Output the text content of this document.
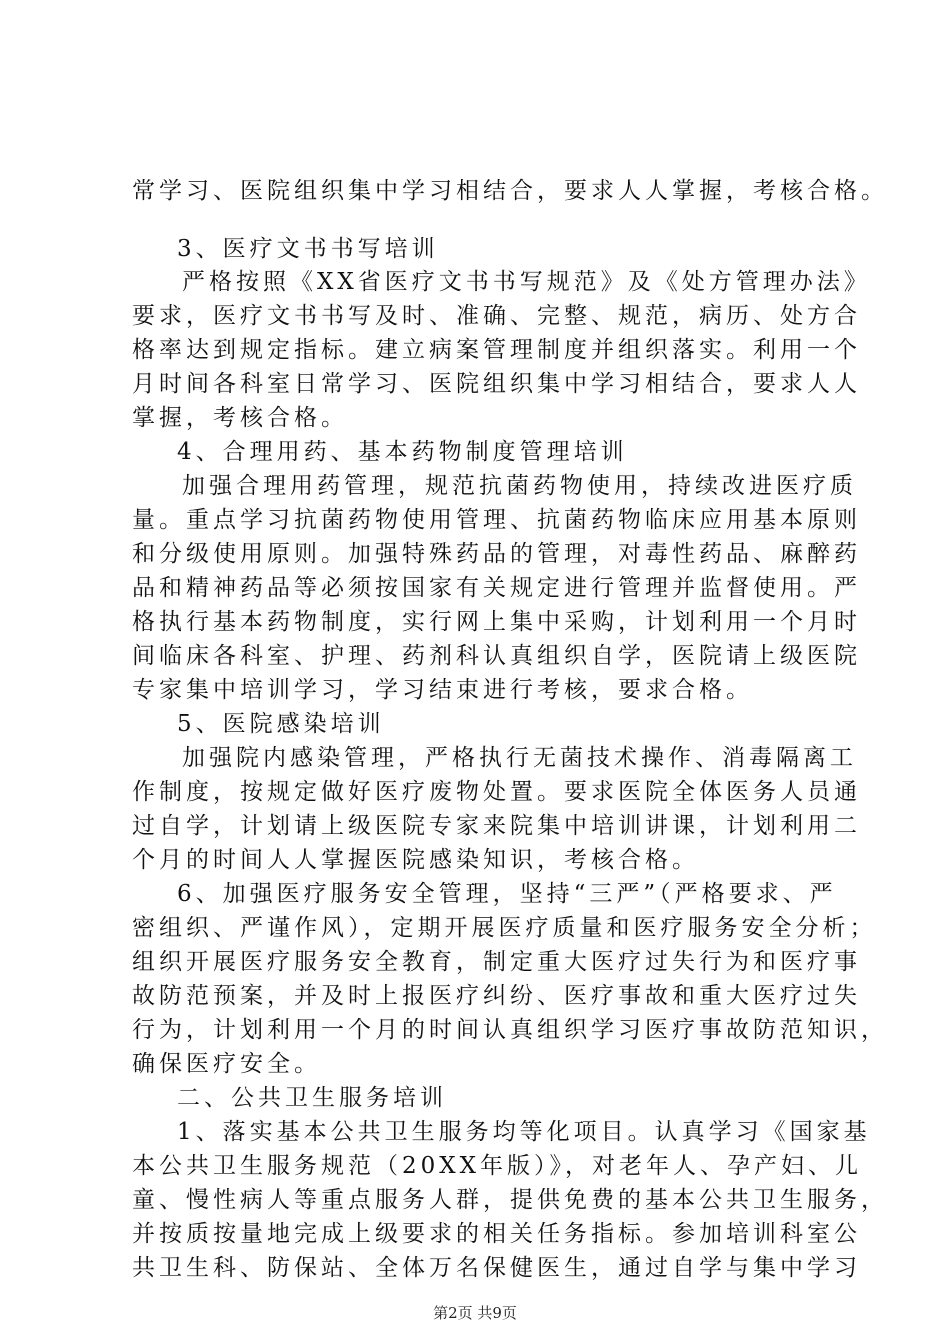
常学习、医院组织集中学习相结合，要求人人掌握，考核合格。
3、医疗文书书写培训
严格按照《XX省医疗文书书写规范》及《处方管理办法》
要求，医疗文书书写及时、准确、完整、规范，病历、处方合
格率达到规定指标。建立病案管理制度并组织落实。利用一个
月时间各科室日常学习、医院组织集中学习相结合，要求人人
掌握，考核合格。
4、合理用药、基本药物制度管理培训
加强合理用药管理，规范抗菌药物使用，持续改进医疗质
量。重点学习抗菌药物使用管理、抗菌药物临床应用基本原则
和分级使用原则。加强特殊药品的管理，对毒性药品、麻醉药
品和精神药品等必须按国家有关规定进行管理并监督使用。严
格执行基本药物制度，实行网上集中采购，计划利用一个月时
间临床各科室、护理、药剂科认真组织自学，医院请上级医院
专家集中培训学习，学习结束进行考核，要求合格。
5、医院感染培训
加强院内感染管理，严格执行无菌技术操作、消毒隔离工
作制度，按规定做好医疗废物处置。要求医院全体医务人员通
过自学，计划请上级医院专家来院集中培训讲课，计划利用二
个月的时间人人掌握医院感染知识，考核合格。
6、加强医疗服务安全管理，坚持“三严”（严格要求、严
密组织、严谨作风），定期开展医疗质量和医疗服务安全分析；
组织开展医疗服务安全教育，制定重大医疗过失行为和医疗事
故防范预案，并及时上报医疗纠纷、医疗事故和重大医疗过失
行为，计划利用一个月的时间认真组织学习医疗事故防范知识，
确保医疗安全。
二、公共卫生服务培训
1、落实基本公共卫生服务均等化项目。认真学习《国家基
本公共卫生服务规范（20XX年版）》，对老年人、孕产妇、儿
童、慢性病人等重点服务人群，提供免费的基本公共卫生服务，
并按质按量地完成上级要求的相关任务指标。参加培训科室公
共卫生科、防保站、全体万名保健医生，通过自学与集中学习
第2页 共9页
